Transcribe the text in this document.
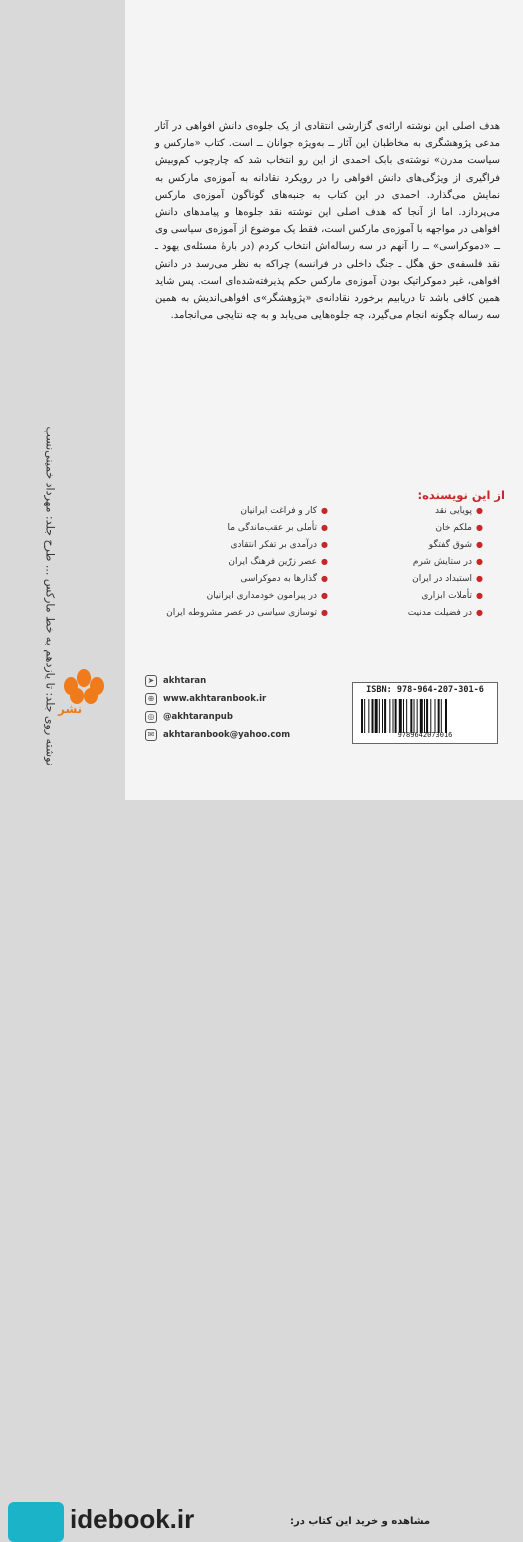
نوشته روی جلد: تا یازدهم به خط مارکس ... طرح جلد: مهرداد خمینی‌نسب نشر

هدف اصلی این نوشته ارائه‌ی گزارشی انتقادی از یک جلوه‌ی دانش افواهی در آثار مدعی پژوهشگری به مخاطبان این آثار ــ به‌ویژه جوانان ــ است. کتاب «مارکس و سیاست مدرن» نوشته‌ی بابک احمدی از این رو انتخاب شد که چارچوب کم‌وبیش فراگیری از ویژگی‌های دانش افواهی را در رویکرد نقادانه به آموزه‌ی مارکس به نمایش می‌گذارد. احمدی در این کتاب به جنبه‌های گوناگون آموزه‌ی مارکس می‌پردازد. اما از آنجا که هدف اصلی این نوشته نقد جلوه‌ها و پیامدهای دانش افواهی در مواجهه با آموزه‌ی مارکس است، فقط یک موضوع از آموزه‌ی سیاسی وی ــ «دموکراسی» ــ را آنهم در سه رساله‌اش انتخاب کردم (در بارهٔ مسئله‌ی یهود ـ نقد فلسفه‌ی حق هگل ـ جنگ داخلی در فرانسه) چراکه به نظر می‌رسد در دانش افواهی، غیر دموکراتیک بودن آموزه‌ی مارکس حکم پذیرفته‌شده‌ای است. پس شاید همین کافی باشد تا دریابیم برخورد نقادانه‌ی «پژوهشگر»ی افواهی‌اندیش به همین سه رساله چگونه انجام می‌گیرد، چه جلوه‌هایی می‌یابد و به چه نتایجی می‌انجامد.

از این نویسنده:
● پویایی نقد
● ملکم خان
● شوق گفتگو
● در ستایش شرم
● استبداد در ایران
● تأملات ابزاری
● در فضیلت مدنیت
● کار و فراغت ایرانیان
● تأملی بر عقب‌ماندگی ما
● درآمدی بر تفکر انتقادی
● عصر زرّین فرهنگ ایران
● گذارها به دموکراسی
● در پیرامون خودمداری ایرانیان
● توسازی سیاسی در عصر مشروطه ایران
➤	akhtaran
⊕	www.akhtaranbook.ir
◎ @akhtaranpub
✉	akhtaranbook@yahoo.com
ISBN: 978-964-207-301-6
9789642073016
idebook.ir	مشاهده و خرید این کتاب در:
